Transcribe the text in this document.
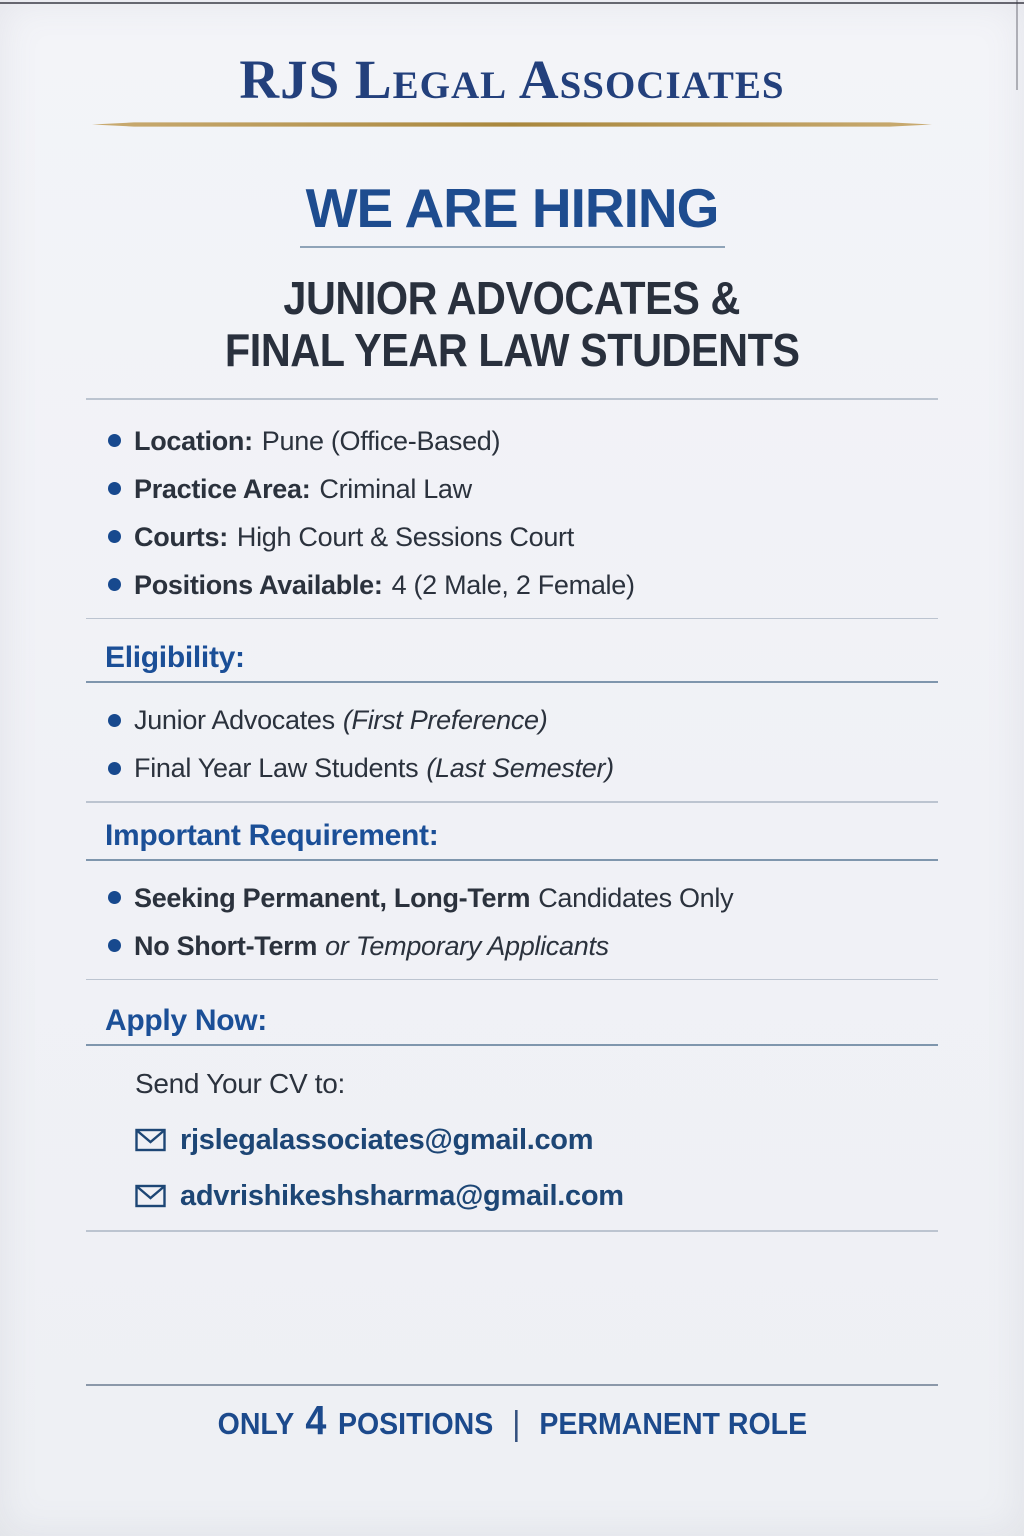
RJS Legal Associates
WE ARE HIRING
JUNIOR ADVOCATES &
FINAL YEAR LAW STUDENTS
Location: Pune (Office-Based)
Practice Area: Criminal Law
Courts: High Court & Sessions Court
Positions Available: 4 (2 Male, 2 Female)
Eligibility:
Junior Advocates (First Preference)
Final Year Law Students (Last Semester)
Important Requirement:
Seeking Permanent, Long-Term Candidates Only
No Short-Term or Temporary Applicants
Apply Now:
Send Your CV to:
rjslegalassociates@gmail.com
advrishikeshsharma@gmail.com
ONLY 4 POSITIONS | PERMANENT ROLE
